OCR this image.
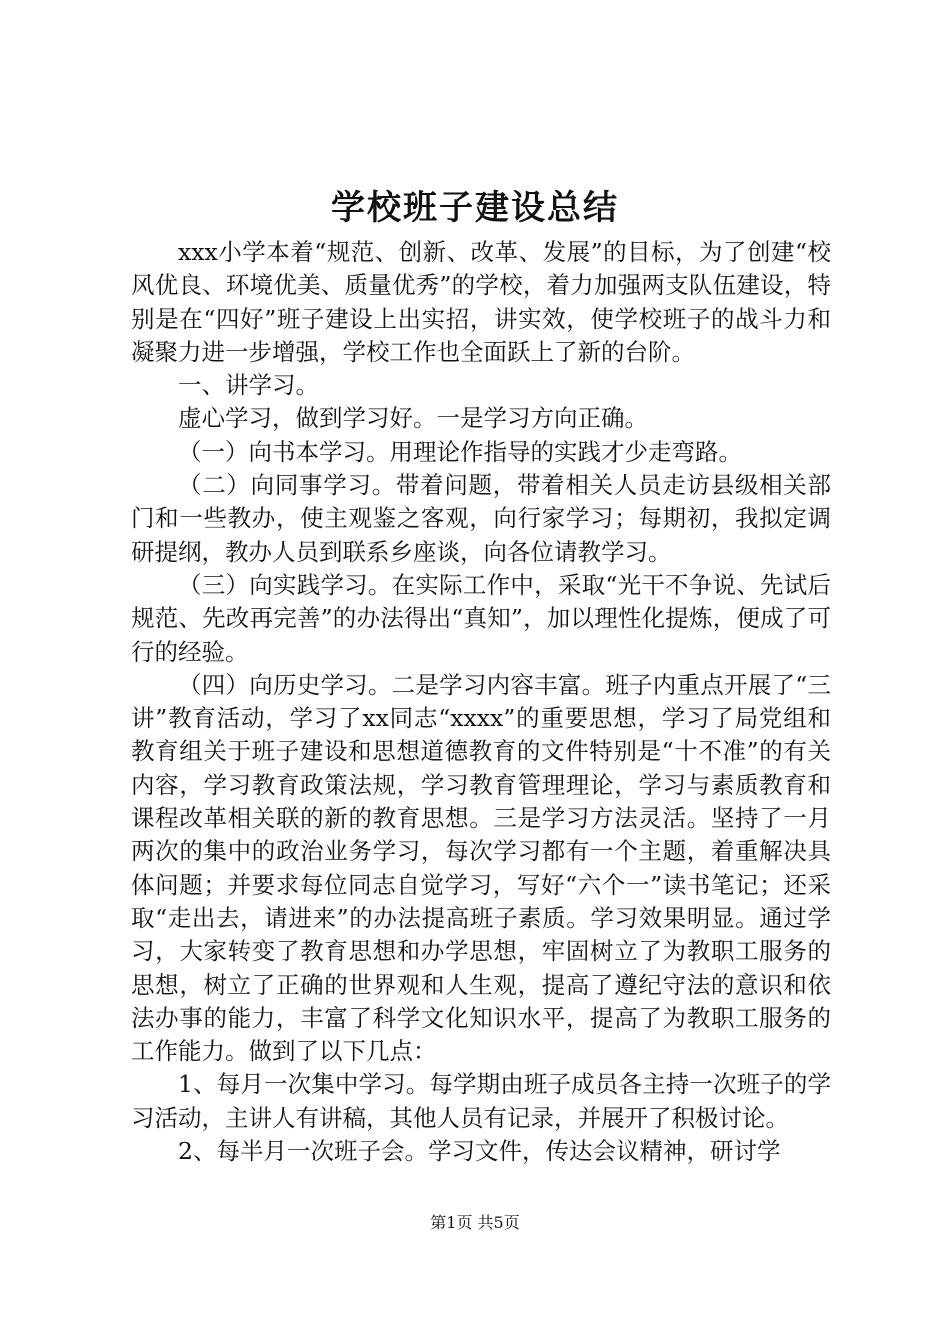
学校班子建设总结

xxx小学本着“规范、创新、改革、发展”的目标，为了创建“校风优良、环境优美、质量优秀”的学校，着力加强两支队伍建设，特别是在“四好”班子建设上出实招，讲实效，使学校班子的战斗力和凝聚力进一步增强，学校工作也全面跃上了新的台阶。

一、讲学习。

虚心学习，做到学习好。一是学习方向正确。

（一）向书本学习。用理论作指导的实践才少走弯路。

（二）向同事学习。带着问题，带着相关人员走访县级相关部门和一些教办，使主观鉴之客观，向行家学习；每期初，我拟定调研提纲，教办人员到联系乡座谈，向各位请教学习。

（三）向实践学习。在实际工作中，采取“光干不争说、先试后规范、先改再完善”的办法得出“真知”，加以理性化提炼，便成了可行的经验。

（四）向历史学习。二是学习内容丰富。班子内重点开展了“三讲”教育活动，学习了xx同志“xxxx”的重要思想，学习了局党组和教育组关于班子建设和思想道德教育的文件特别是“十不准”的有关内容，学习教育政策法规，学习教育管理理论，学习与素质教育和课程改革相关联的新的教育思想。三是学习方法灵活。坚持了一月两次的集中的政治业务学习，每次学习都有一个主题，着重解决具体问题；并要求每位同志自觉学习，写好“六个一”读书笔记；还采取“走出去，请进来”的办法提高班子素质。学习效果明显。通过学习，大家转变了教育思想和办学思想，牢固树立了为教职工服务的思想，树立了正确的世界观和人生观，提高了遵纪守法的意识和依法办事的能力，丰富了科学文化知识水平，提高了为教职工服务的工作能力。做到了以下几点：

1、每月一次集中学习。每学期由班子成员各主持一次班子的学习活动，主讲人有讲稿，其他人员有记录，并展开了积极讨论。

2、每半月一次班子会。学习文件，传达会议精神，研讨学

第1页 共5页
